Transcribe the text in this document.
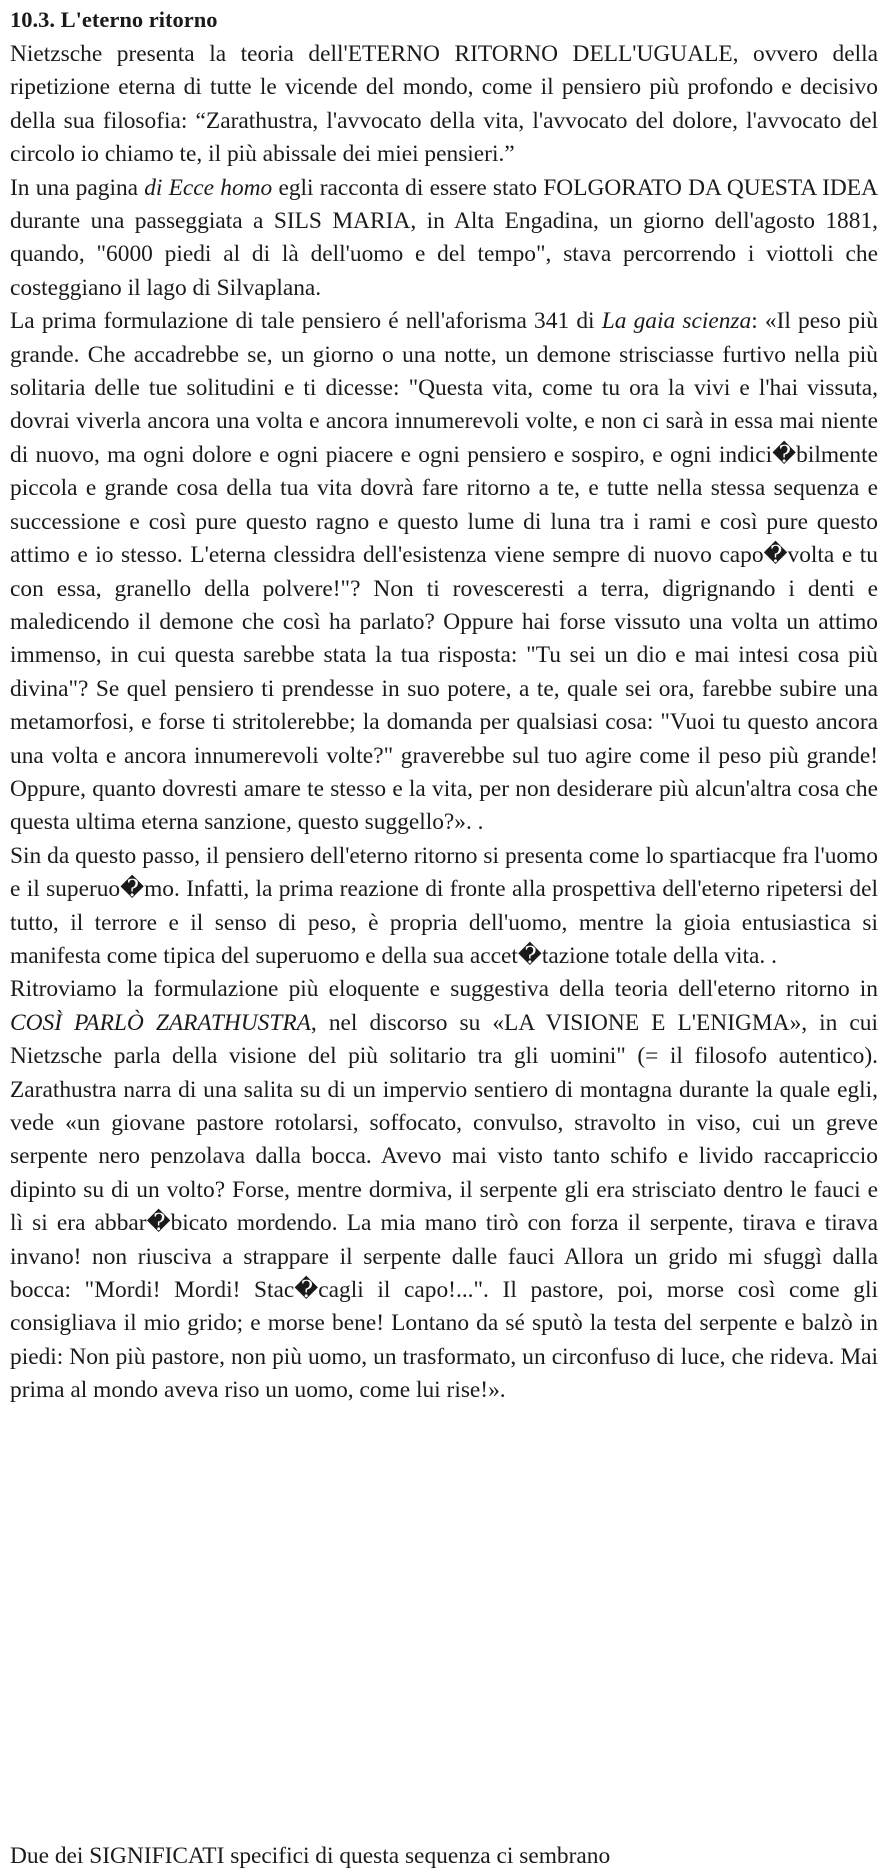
10.3. L'eterno ritorno

Nietzsche presenta la teoria dell'ETERNO RITORNO DELL'UGUALE, ovvero della ripetizione eterna di tutte le vicende del mondo, come il pensiero più profondo e decisivo della sua filosofia: “Zarathustra, l'avvocato della vita, l'avvocato del dolore, l'avvocato del circolo io chiamo te, il più abissale dei miei pensieri.”

In una pagina di Ecce homo egli racconta di essere stato FOLGORATO DA QUESTA IDEA durante una passeggiata a SILS MARIA, in Alta Engadina, un giorno dell'agosto 1881, quando, "6000 piedi al di là dell'uomo e del tempo", stava percorrendo i viottoli che costeggiano il lago di Silvaplana.

La prima formulazione di tale pensiero é nell'aforisma 341 di La gaia scienza: «Il peso più grande. Che accadrebbe se, un giorno o una notte, un demone strisciasse furtivo nella più solitaria delle tue solitudini e ti dicesse: "Questa vita, come tu ora la vivi e l'hai vissuta, dovrai viverla ancora una volta e ancora innumerevoli volte, e non ci sarà in essa mai niente di nuovo, ma ogni dolore e ogni piacere e ogni pensiero e sospiro, e ogni indici�bilmente piccola e grande cosa della tua vita dovrà fare ritorno a te, e tutte nella stessa sequenza e successione e così pure questo ragno e questo lume di luna tra i rami e così pure questo attimo e io stesso. L'eterna clessidra dell'esistenza viene sempre di nuovo capo�volta e tu con essa, granello della polvere!"? Non ti rovesceresti a terra, digrignando i denti e maledicendo il demone che così ha parlato? Oppure hai forse vissuto una volta un attimo immenso, in cui questa sarebbe stata la tua risposta: "Tu sei un dio e mai intesi cosa più divina"? Se quel pensiero ti prendesse in suo potere, a te, quale sei ora, farebbe subire una metamorfosi, e forse ti stritolerebbe; la domanda per qualsiasi cosa: "Vuoi tu questo ancora una volta e ancora innumerevoli volte?" graverebbe sul tuo agire come il peso più grande! Oppure, quanto dovresti amare te stesso e la vita, per non desiderare più alcun'altra cosa che questa ultima eterna sanzione, questo suggello?». .

Sin da questo passo, il pensiero dell'eterno ritorno si presenta come lo spartiacque fra l'uomo e il superuo�mo. Infatti, la prima reazione di fronte alla prospettiva dell'eterno ripetersi del tutto, il terrore e il senso di peso, è propria dell'uomo, mentre la gioia entusiastica si manifesta come tipica del superuomo e della sua accet�tazione totale della vita. .

Ritroviamo la formulazione più eloquente e suggestiva della teoria dell'eterno ritorno in COSÌ PARLÒ ZARATHUSTRA, nel discorso su «LA VISIONE E L'ENIGMA», in cui Nietzsche parla della visione del più solitario tra gli uomini" (= il filosofo autentico). Zarathustra narra di una salita su di un impervio sentiero di montagna durante la quale egli, vede «un giovane pastore rotolarsi, soffocato, convulso, stravolto in viso, cui un greve serpente nero penzolava dalla bocca. Avevo mai visto tanto schifo e livido raccapriccio dipinto su di un volto? Forse, mentre dormiva, il serpente gli era strisciato dentro le fauci e lì si era abbar�bicato mordendo. La mia mano tirò con forza il serpente, tirava e tirava invano! non riusciva a strappare il serpente dalle fauci Allora un grido mi sfuggì dalla bocca: "Mordi! Mordi! Stac�cagli il capo!...". Il pastore, poi, morse così come gli consigliava il mio grido; e morse bene! Lontano da sé sputò la testa del serpente e balzò in piedi: Non più pastore, non più uomo, un trasformato, un circonfuso di luce, che rideva. Mai prima al mondo aveva riso un uomo, come lui rise!».

Due dei SIGNIFICATI specifici di questa sequenza ci sembrano
